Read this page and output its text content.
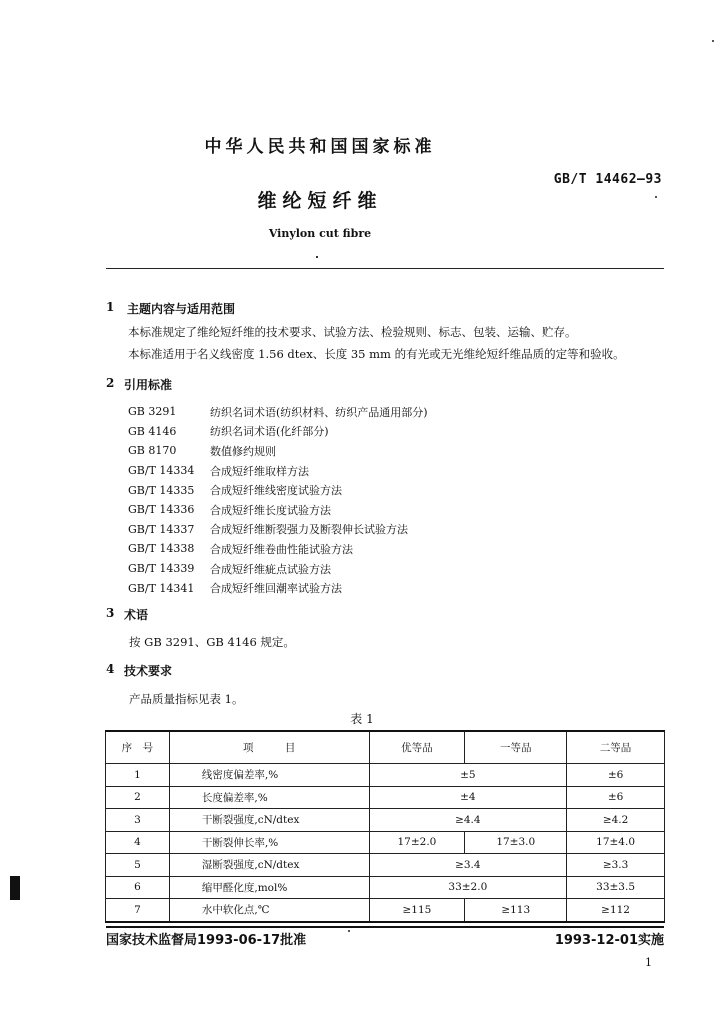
中华人民共和国国家标准
GB/T 14462—93
维纶短纤维
Vinylon cut fibre
1 主题内容与适用范围
本标准规定了维纶短纤维的技术要求、试验方法、检验规则、标志、包装、运输、贮存。
本标准适用于名义线密度 1.56 dtex、长度 35 mm 的有光或无光维纶短纤维品质的定等和验收。
2 引用标准
GB 3291	纺织名词术语(纺织材料、纺织产品通用部分)
GB 4146	纺织名词术语(化纤部分)
GB 8170	数值修约规则
GB/T 14334	合成短纤维取样方法
GB/T 14335	合成短纤维线密度试验方法
GB/T 14336	合成短纤维长度试验方法
GB/T 14337	合成短纤维断裂强力及断裂伸长试验方法
GB/T 14338	合成短纤维卷曲性能试验方法
GB/T 14339	合成短纤维疵点试验方法
GB/T 14341	合成短纤维回潮率试验方法
3 术语
按 GB 3291、GB 4146 规定。
4 技术要求
产品质量指标见表 1。
表 1
序　号	项　　　目	优等品	一等品	二等品
1	线密度偏差率,%	±5		±6
2	长度偏差率,%	±4		±6
3	干断裂强度,cN/dtex	≥4.4		≥4.2
4	干断裂伸长率,%	17±2.0	17±3.0	17±4.0
5	湿断裂强度,cN/dtex	≥3.4		≥3.3
6	缩甲醛化度,mol%	33±2.0		33±3.5
7	水中软化点,℃	≥115	≥113	≥112
国家技术监督局1993-06-17批准	1993-12-01实施
1
